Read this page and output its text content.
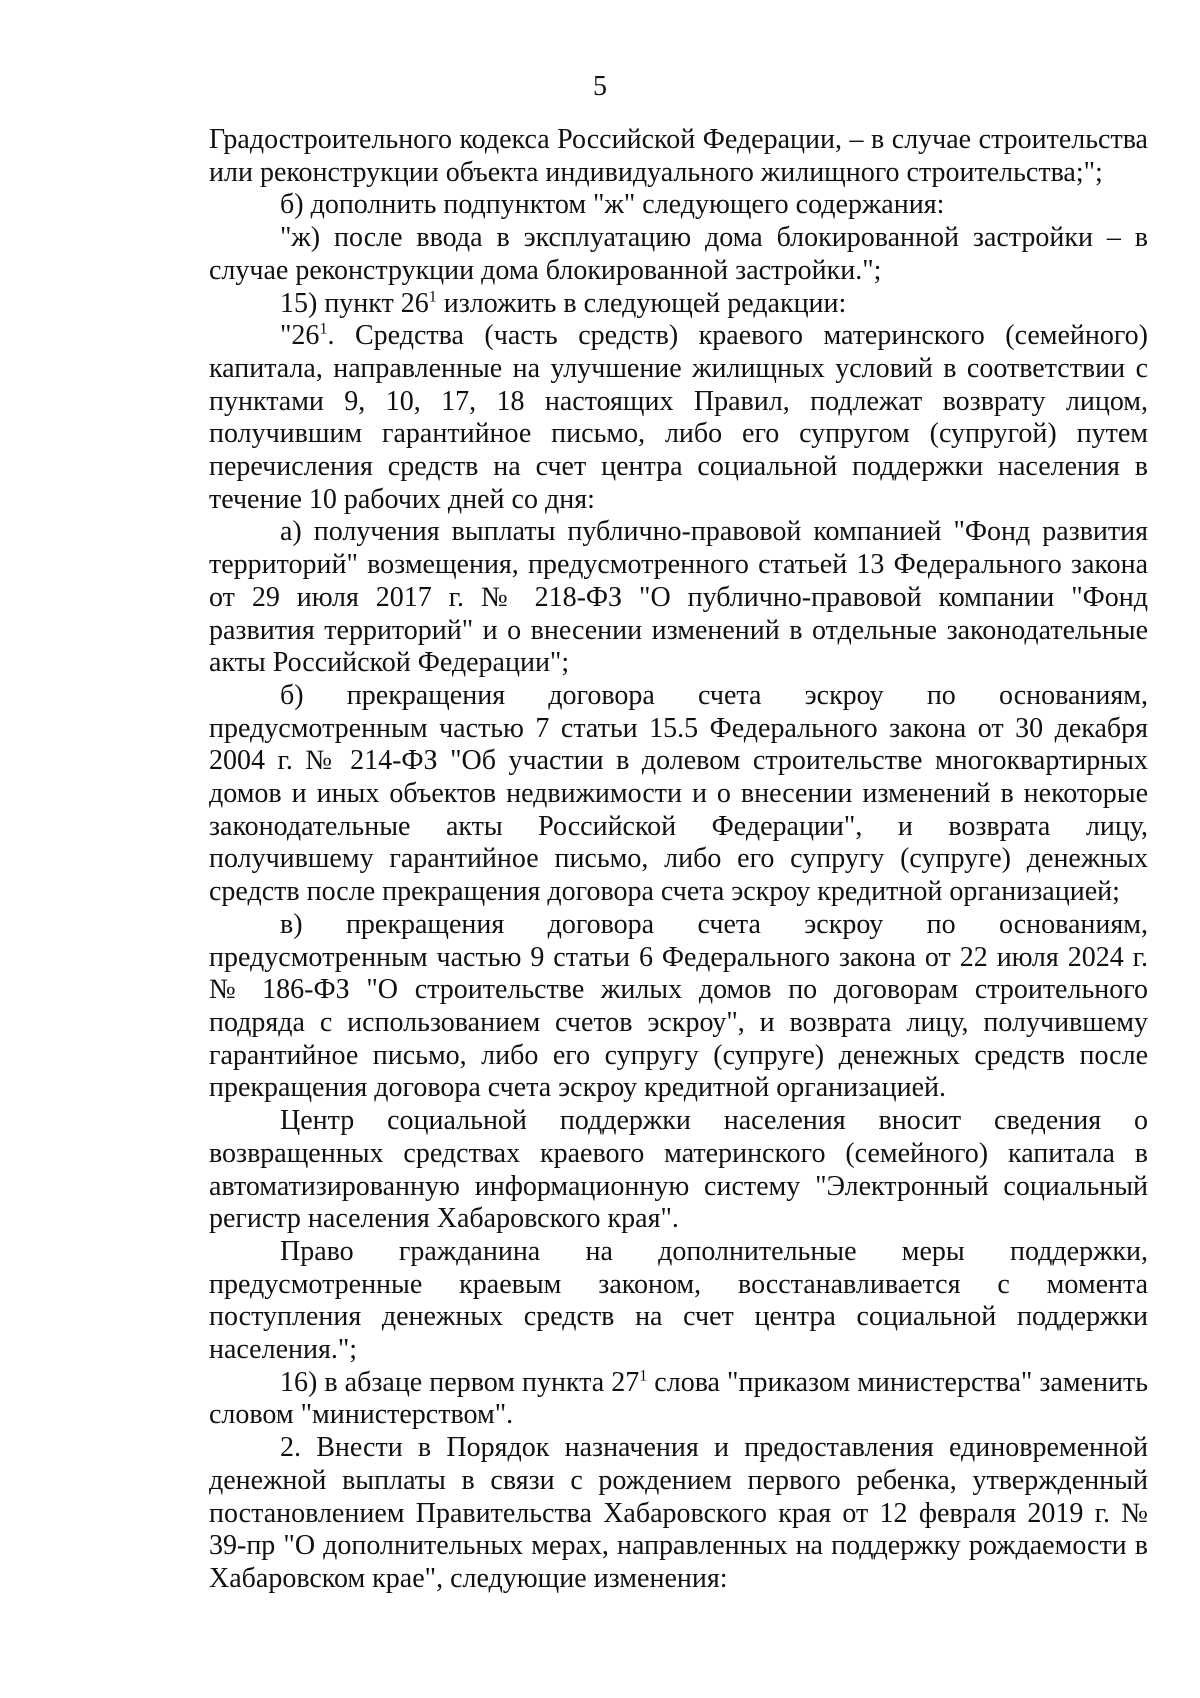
5

Градостроительного кодекса Российской Федерации, – в случае строительства или реконструкции объекта индивидуального жилищного строительства;";

б) дополнить подпунктом "ж" следующего содержания:

"ж) после ввода в эксплуатацию дома блокированной застройки – в случае реконструкции дома блокированной застройки.";

15) пункт $26^1$ изложить в следующей редакции:

"$26^1$. Средства (часть средств) краевого материнского (семейного) капитала, направленные на улучшение жилищных условий в соответствии с пунктами 9, 10, 17, 18 настоящих Правил, подлежат возврату лицом, получившим гарантийное письмо, либо его супругом (супругой) путем перечисления средств на счет центра социальной поддержки населения в течение 10 рабочих дней со дня:

а) получения выплаты публично-правовой компанией "Фонд развития территорий" возмещения, предусмотренного статьей 13 Федерального закона от 29 июля 2017 г. № 218-ФЗ "О публично-правовой компании "Фонд развития территорий" и о внесении изменений в отдельные законодательные акты Российской Федерации";

б) прекращения договора счета эскроу по основаниям, предусмотренным частью 7 статьи 15.5 Федерального закона от 30 декабря 2004 г. № 214-ФЗ "Об участии в долевом строительстве многоквартирных домов и иных объектов недвижимости и о внесении изменений в некоторые законодательные акты Российской Федерации", и возврата лицу, получившему гарантийное письмо, либо его супругу (супруге) денежных средств после прекращения договора счета эскроу кредитной организацией;

в) прекращения договора счета эскроу по основаниям, предусмотренным частью 9 статьи 6 Федерального закона от 22 июля 2024 г. № 186-ФЗ "О строительстве жилых домов по договорам строительного подряда с использованием счетов эскроу", и возврата лицу, получившему гарантийное письмо, либо его супругу (супруге) денежных средств после прекращения договора счета эскроу кредитной организацией.

Центр социальной поддержки населения вносит сведения о возвращенных средствах краевого материнского (семейного) капитала в автоматизированную информационную систему "Электронный социальный регистр населения Хабаровского края".

Право гражданина на дополнительные меры поддержки, предусмотренные краевым законом, восстанавливается с момента поступления денежных средств на счет центра социальной поддержки населения.";

16) в абзаце первом пункта $27^1$ слова "приказом министерства" заменить словом "министерством".

2. Внести в Порядок назначения и предоставления единовременной денежной выплаты в связи с рождением первого ребенка, утвержденный постановлением Правительства Хабаровского края от 12 февраля 2019 г. № 39-пр "О дополнительных мерах, направленных на поддержку рождаемости в Хабаровском крае", следующие изменения:
